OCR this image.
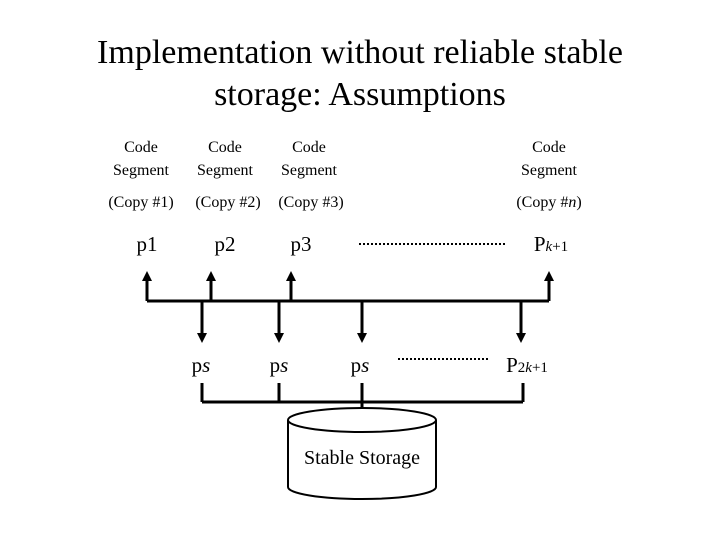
Implementation without reliable stable
storage: Assumptions
Code
Segment
(Copy #1)
Code
Segment
(Copy #2)
Code
Segment
(Copy #3)
Code
Segment
(Copy #n)
p1	p2	p3	Pk+1
ps	ps	ps	P2k+1
Stable Storage
